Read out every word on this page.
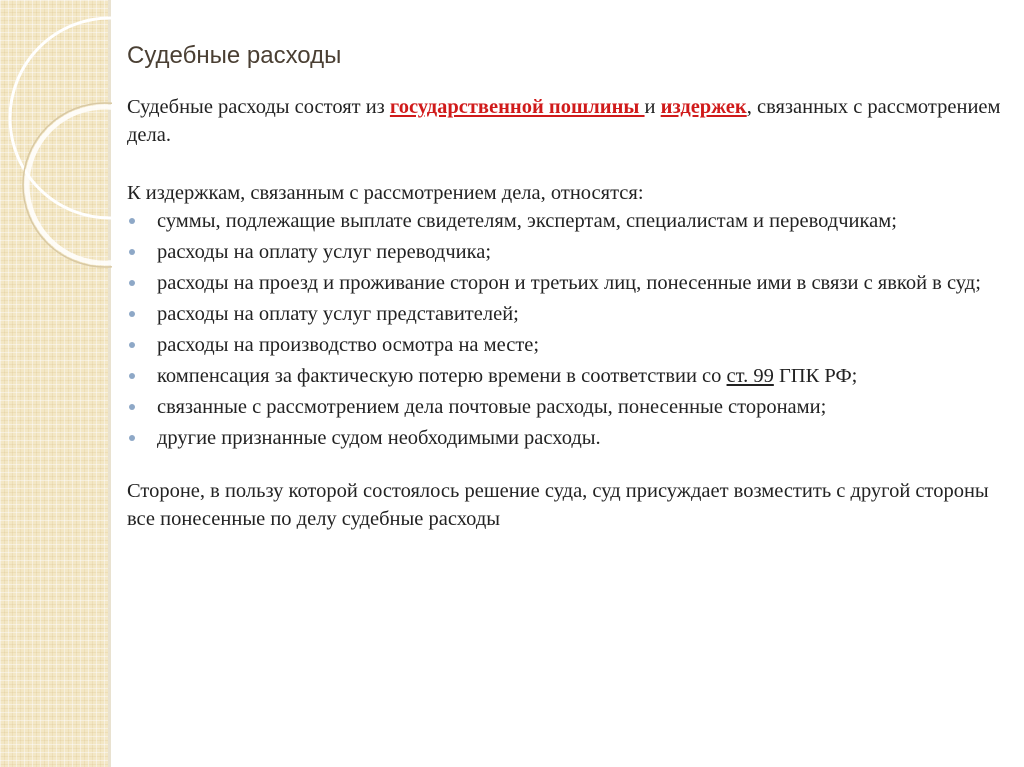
Судебные расходы

Судебные расходы состоят из государственной пошлины и издержек, связанных с рассмотрением дела.

К издержкам, связанным с рассмотрением дела, относятся:

суммы, подлежащие выплате свидетелям, экспертам, специалистам и переводчикам;
расходы на оплату услуг переводчика;
расходы на проезд и проживание сторон и третьих лиц, понесенные ими в связи с явкой в суд;
расходы на оплату услуг представителей;
расходы на производство осмотра на месте;
компенсация за фактическую потерю времени в соответствии со ст. 99 ГПК РФ;
связанные с рассмотрением дела почтовые расходы, понесенные сторонами;
другие признанные судом необходимыми расходы.

Стороне, в пользу которой состоялось решение суда, суд присуждает возместить с другой стороны все понесенные по делу судебные расходы
